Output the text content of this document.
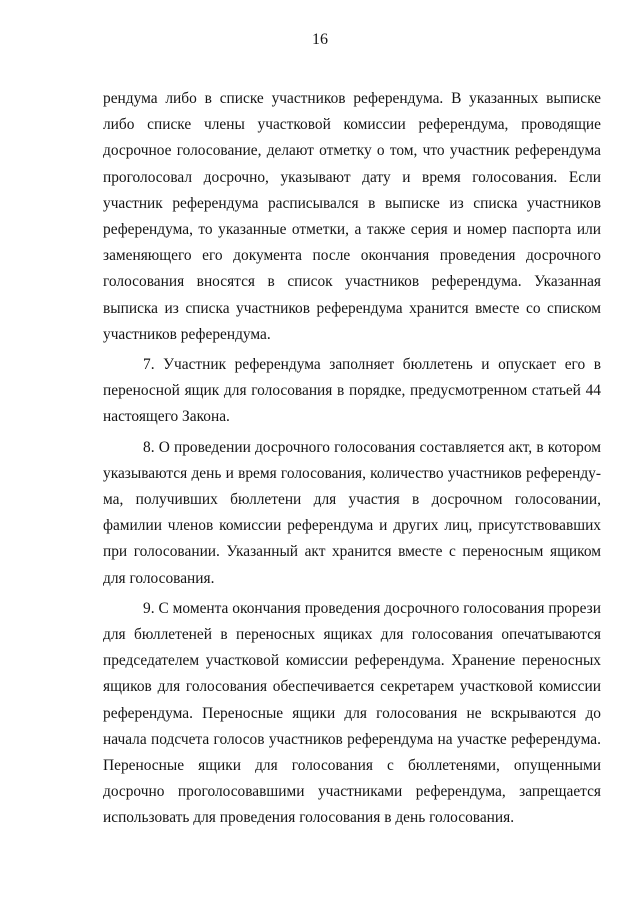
16

рендума либо в списке участников референдума. В указанных выписке либо списке члены участковой комиссии референдума, проводящие досрочное голосование, делают отметку о том, что участник референдума проголосовал досрочно, указывают дату и время голосования. Если участник референдума расписывался в выписке из списка участников референдума, то указанные отметки, а также серия и номер паспорта или заменяющего его документа после окончания проведения досрочного голосования вносятся в список участников референдума. Указанная выписка из списка участников референдума хранится вместе со списком участников референдума.

7. Участник референдума заполняет бюллетень и опускает его в переносной ящик для голосования в порядке, предусмотренном статьей 44 настоящего Закона.

8. О проведении досрочного голосования составляется акт, в котором указываются день и время голосования, количество участников референдума, получивших бюллетени для участия в досрочном голосовании, фамилии членов комиссии референдума и других лиц, присутствовавших при голосовании. Указанный акт хранится вместе с переносным ящиком для голосования.

9. С момента окончания проведения досрочного голосования прорези для бюллетеней в переносных ящиках для голосования опечатываются председателем участковой комиссии референдума. Хранение переносных ящиков для голосования обеспечивается секретарем участковой комиссии референдума. Переносные ящики для голосования не вскрываются до начала подсчета голосов участников референдума на участке референдума. Переносные ящики для голосования с бюллетенями, опущенными досрочно проголосовавшими участниками референдума, запрещается использовать для проведения голосования в день голосования.
